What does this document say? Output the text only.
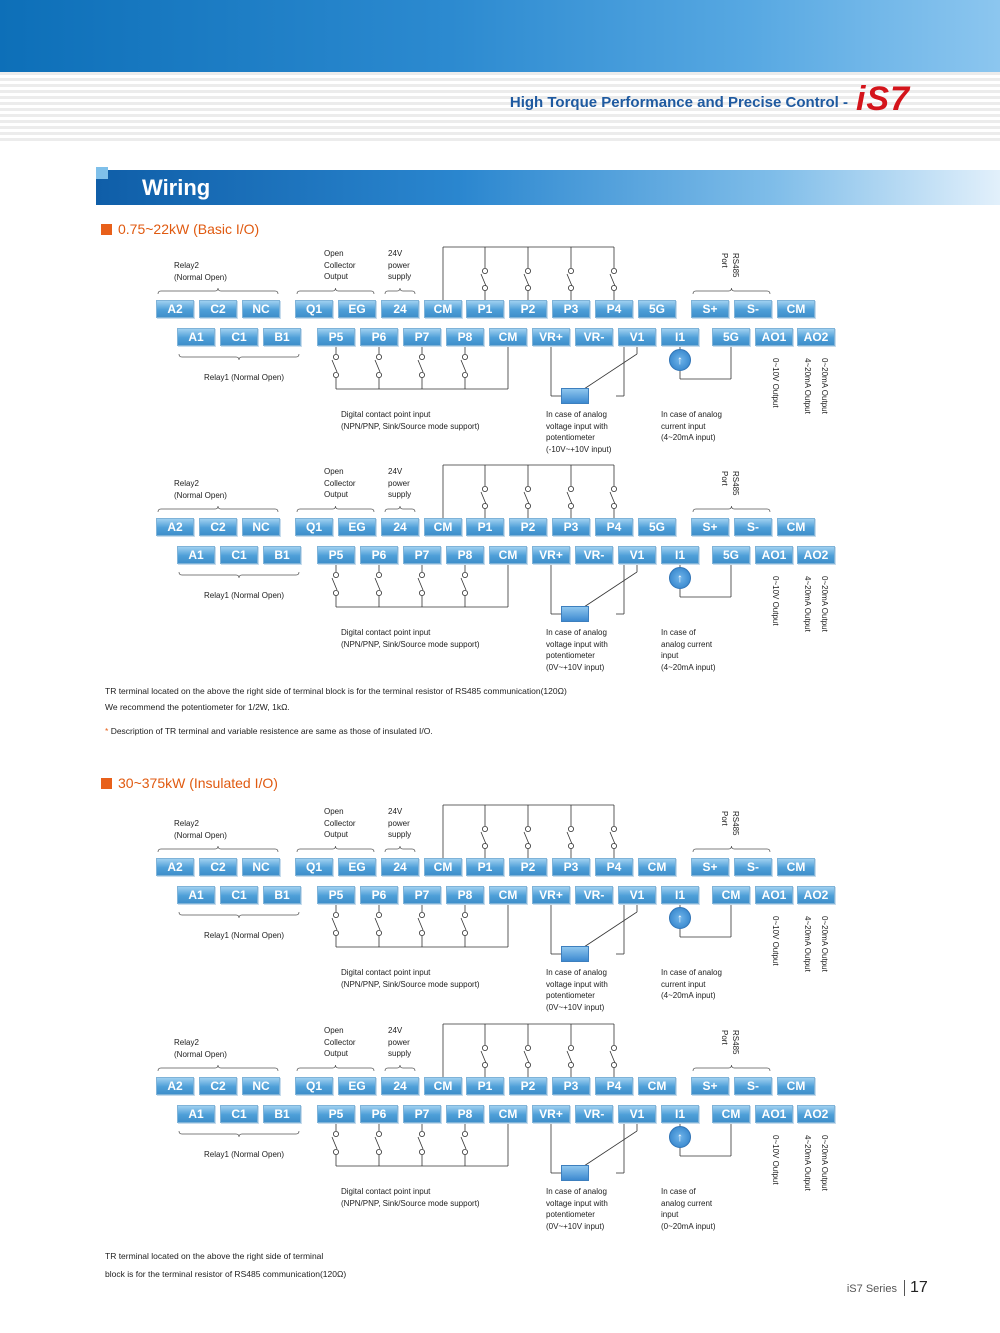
High Torque Performance and Precise Control - iS7
Wiring
0.75~22kW (Basic I/O)
A2	C2	NC	Q1	EG	24	CM	P1	P2	P3	P4	5G	S+	S-	CM
A1	C1	B1	P5	P6	P7	P8	CM	VR+	VR-	V1	I1	5G	AO1	AO2
↑
Relay2
(Normal Open)
Open
Collector
Output
24V
power
supply	RS485
Port
Relay1 (Normal Open)
Digital contact point input
(NPN/PNP, Sink/Source mode support)
In case of analog
voltage input with
potentiometer
(-10V~+10V input)
In case of analog
current input
(4~20mA input)
0~10V Output	4~20mA Output 0~20mA Output
A2	C2	NC	Q1	EG	24	CM	P1	P2	P3	P4	5G	S+	S-	CM
A1	C1	B1	P5	P6	P7	P8	CM	VR+	VR-	V1	I1	5G	AO1	AO2
↑
Relay2
(Normal Open)
Open
Collector
Output
24V
power
supply	RS485
Port
Relay1 (Normal Open)
Digital contact point input
(NPN/PNP, Sink/Source mode support)
In case of analog
voltage input with
potentiometer
(0V~+10V input)
In case of
analog current
input
(4~20mA input)
0~10V Output	4~20mA Output 0~20mA Output
TR terminal located on the above the right side of terminal block is for the terminal resistor of RS485 communication(120Ω)
We recommend the potentiometer for 1/2W, 1kΩ.
* Description of TR terminal and variable resistence are same as those of insulated I/O.
30~375kW (Insulated I/O)
A2	C2	NC	Q1	EG	24	CM	P1	P2	P3	P4	CM	S+	S-	CM
A1	C1	B1	P5	P6	P7	P8	CM	VR+	VR-	V1	I1	CM	AO1	AO2
↑
Relay2
(Normal Open)
Open
Collector
Output
24V
power
supply	RS485
Port
Relay1 (Normal Open)
Digital contact point input
(NPN/PNP, Sink/Source mode support)
In case of analog
voltage input with
potentiometer
(0V~+10V input)
In case of analog
current input
(4~20mA input)
0~10V Output	4~20mA Output 0~20mA Output
A2	C2	NC	Q1	EG	24	CM	P1	P2	P3	P4	CM	S+	S-	CM
A1	C1	B1	P5	P6	P7	P8	CM	VR+	VR-	V1	I1	CM	AO1	AO2
↑
Relay2
(Normal Open)
Open
Collector
Output
24V
power
supply	RS485
Port
Relay1 (Normal Open)
Digital contact point input
(NPN/PNP, Sink/Source mode support)
In case of analog
voltage input with
potentiometer
(0V~+10V input)
In case of
analog current
input
(0~20mA input)
0~10V Output	4~20mA Output 0~20mA Output
TR terminal located on the above the right side of terminal
block is for the terminal resistor of RS485 communication(120Ω)
iS7 Series 17
